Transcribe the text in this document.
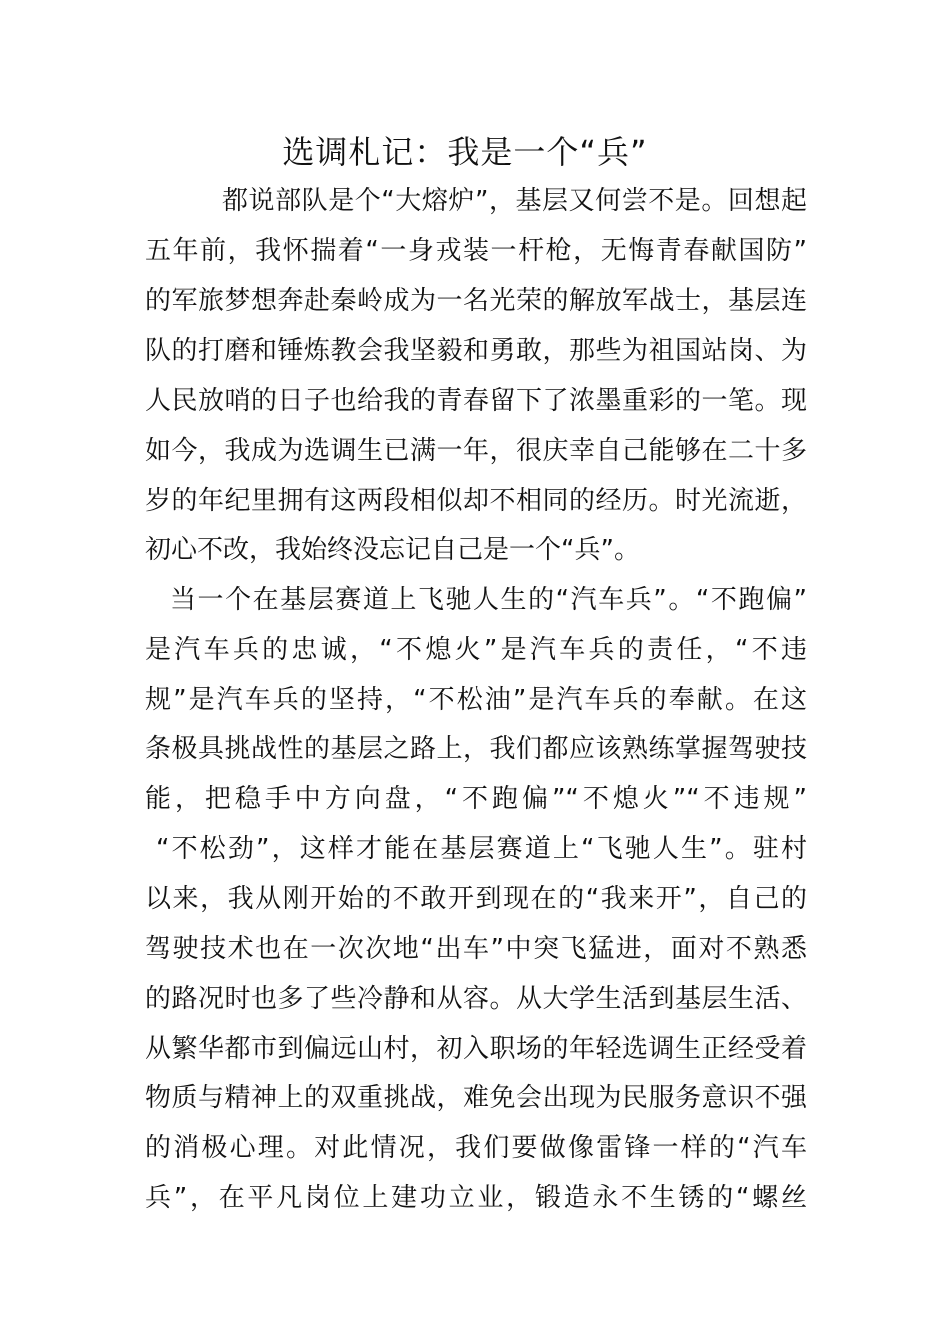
选调札记：我是一个“兵”

都说部队是个“大熔炉”，基层又何尝不是。回想起

五年前，我怀揣着“一身戎装一杆枪，无悔青春献国防”

的军旅梦想奔赴秦岭成为一名光荣的解放军战士，基层连

队的打磨和锤炼教会我坚毅和勇敢，那些为祖国站岗、为

人民放哨的日子也给我的青春留下了浓墨重彩的一笔。现

如今，我成为选调生已满一年，很庆幸自己能够在二十多

岁的年纪里拥有这两段相似却不相同的经历。时光流逝，

初心不改，我始终没忘记自己是一个“兵”。

当一个在基层赛道上飞驰人生的“汽车兵”。“不跑偏”

是汽车兵的忠诚，“不熄火”是汽车兵的责任，“不违

规”是汽车兵的坚持，“不松油”是汽车兵的奉献。在这

条极具挑战性的基层之路上，我们都应该熟练掌握驾驶技

能，把稳手中方向盘，“不跑偏”“不熄火”“不违规”

“不松劲”，这样才能在基层赛道上“飞驰人生”。驻村

以来，我从刚开始的不敢开到现在的“我来开”，自己的

驾驶技术也在一次次地“出车”中突飞猛进，面对不熟悉

的路况时也多了些冷静和从容。从大学生活到基层生活、

从繁华都市到偏远山村，初入职场的年轻选调生正经受着

物质与精神上的双重挑战，难免会出现为民服务意识不强

的消极心理。对此情况，我们要做像雷锋一样的“汽车

兵”，在平凡岗位上建功立业，锻造永不生锈的“螺丝
